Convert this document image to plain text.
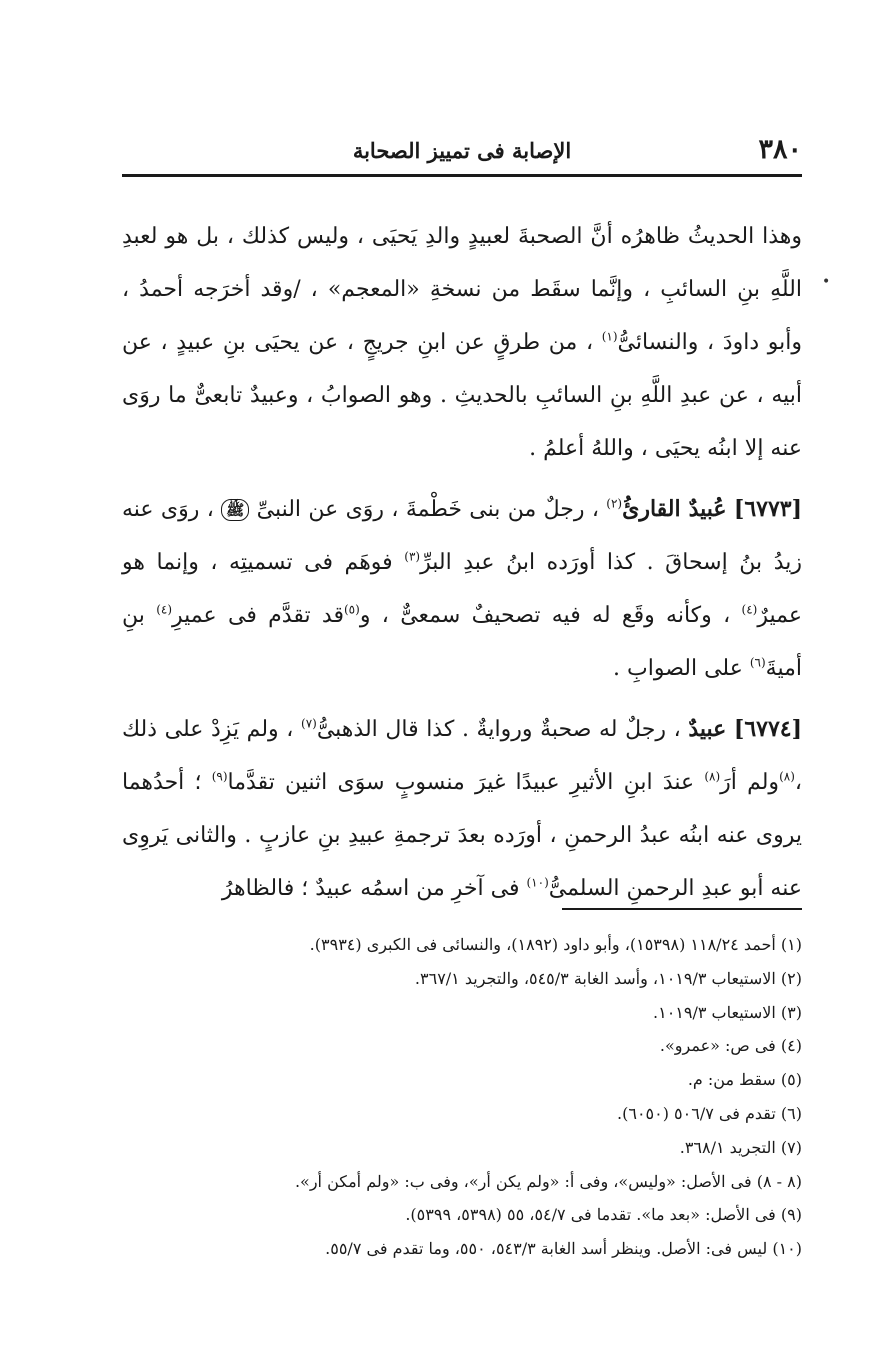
٣٨٠
الإصابة فى تمييز الصحابة

وهذا الحديثُ ظاهرُه أنَّ الصحبةَ لعبيدٍ والدِ يَحيَى ، وليس كذلك ، بل هو لعبدِ اللَّهِ بنِ السائبِ ، وإنَّما سقَط من نسخةِ «المعجم» ، /وقد أخرَجه أحمدُ ، وأبو داودَ ، والنسائىُّ$^{(١)}$ ، من طرقٍ عن ابنِ جريجٍ ، عن يحيَى بنِ عبيدٍ ، عن أبيه ، عن عبدِ اللَّهِ بنِ السائبِ بالحديثِ . وهو الصوابُ ، وعبيدٌ تابعىٌّ ما روَى عنه إلا ابنُه يحيَى ، واللهُ أعلمُ .

[٦٧٧٣] عُبيدٌ القارئُ$^{(٢)}$ ، رجلٌ من بنى خَطْمةَ ، روَى عن النبىِّ ﷺ ، روَى عنه زيدُ بنُ إسحاقَ . كذا أورَده ابنُ عبدِ البرِّ$^{(٣)}$ فوهَم فى تسميتِه ، وإنما هو عميرٌ$^{(٤)}$ ، وكأنه وقَع له فيه تصحيفٌ سمعىٌّ ، و$^{(٥)}$قد تقدَّم فى عميرِ$^{(٤)}$ بنِ أميةَ$^{(٦)}$ على الصوابِ .

[٦٧٧٤] عبيدٌ ، رجلٌ له صحبةٌ وروايةٌ . كذا قال الذهبىُّ$^{(٧)}$ ، ولم يَزِدْ على ذلك ،$^{(٨)}$ولم أرَ$^{(٨)}$ عندَ ابنِ الأثيرِ عبيدًا غيرَ منسوبٍ سوَى اثنين تقدَّما$^{(٩)}$ ؛ أحدُهما يروى عنه ابنُه عبدُ الرحمنِ ، أورَده بعدَ ترجمةِ عبيدِ بنِ عازبٍ . والثانى يَروِى عنه أبو عبدِ الرحمنِ السلمىُّ$^{(١٠)}$ فى آخرِ من اسمُه عبيدٌ ؛ فالظاهرُ

(١) أحمد ١١٨/٢٤ (١٥٣٩٨)، وأبو داود (١٨٩٢)، والنسائى فى الكبرى (٣٩٣٤).
(٢) الاستيعاب ١٠١٩/٣، وأسد الغابة ٥٤٥/٣، والتجريد ٣٦٧/١.
(٣) الاستيعاب ١٠١٩/٣.
(٤) فى ص: «عمرو».
(٥) سقط من: م.
(٦) تقدم فى ٥٠٦/٧ (٦٠٥٠).
(٧) التجريد ٣٦٨/١.
(٨ - ٨) فى الأصل: «وليس»، وفى أ: «ولم يكن أر»، وفى ب: «ولم أمكن أر».
(٩) فى الأصل: «بعد ما». تقدما فى ٥٤/٧، ٥٥ (٥٣٩٨، ٥٣٩٩).
(١٠) ليس فى: الأصل. وينظر أسد الغابة ٥٤٣/٣، ٥٥٠، وما تقدم فى ٥٥/٧.
•
